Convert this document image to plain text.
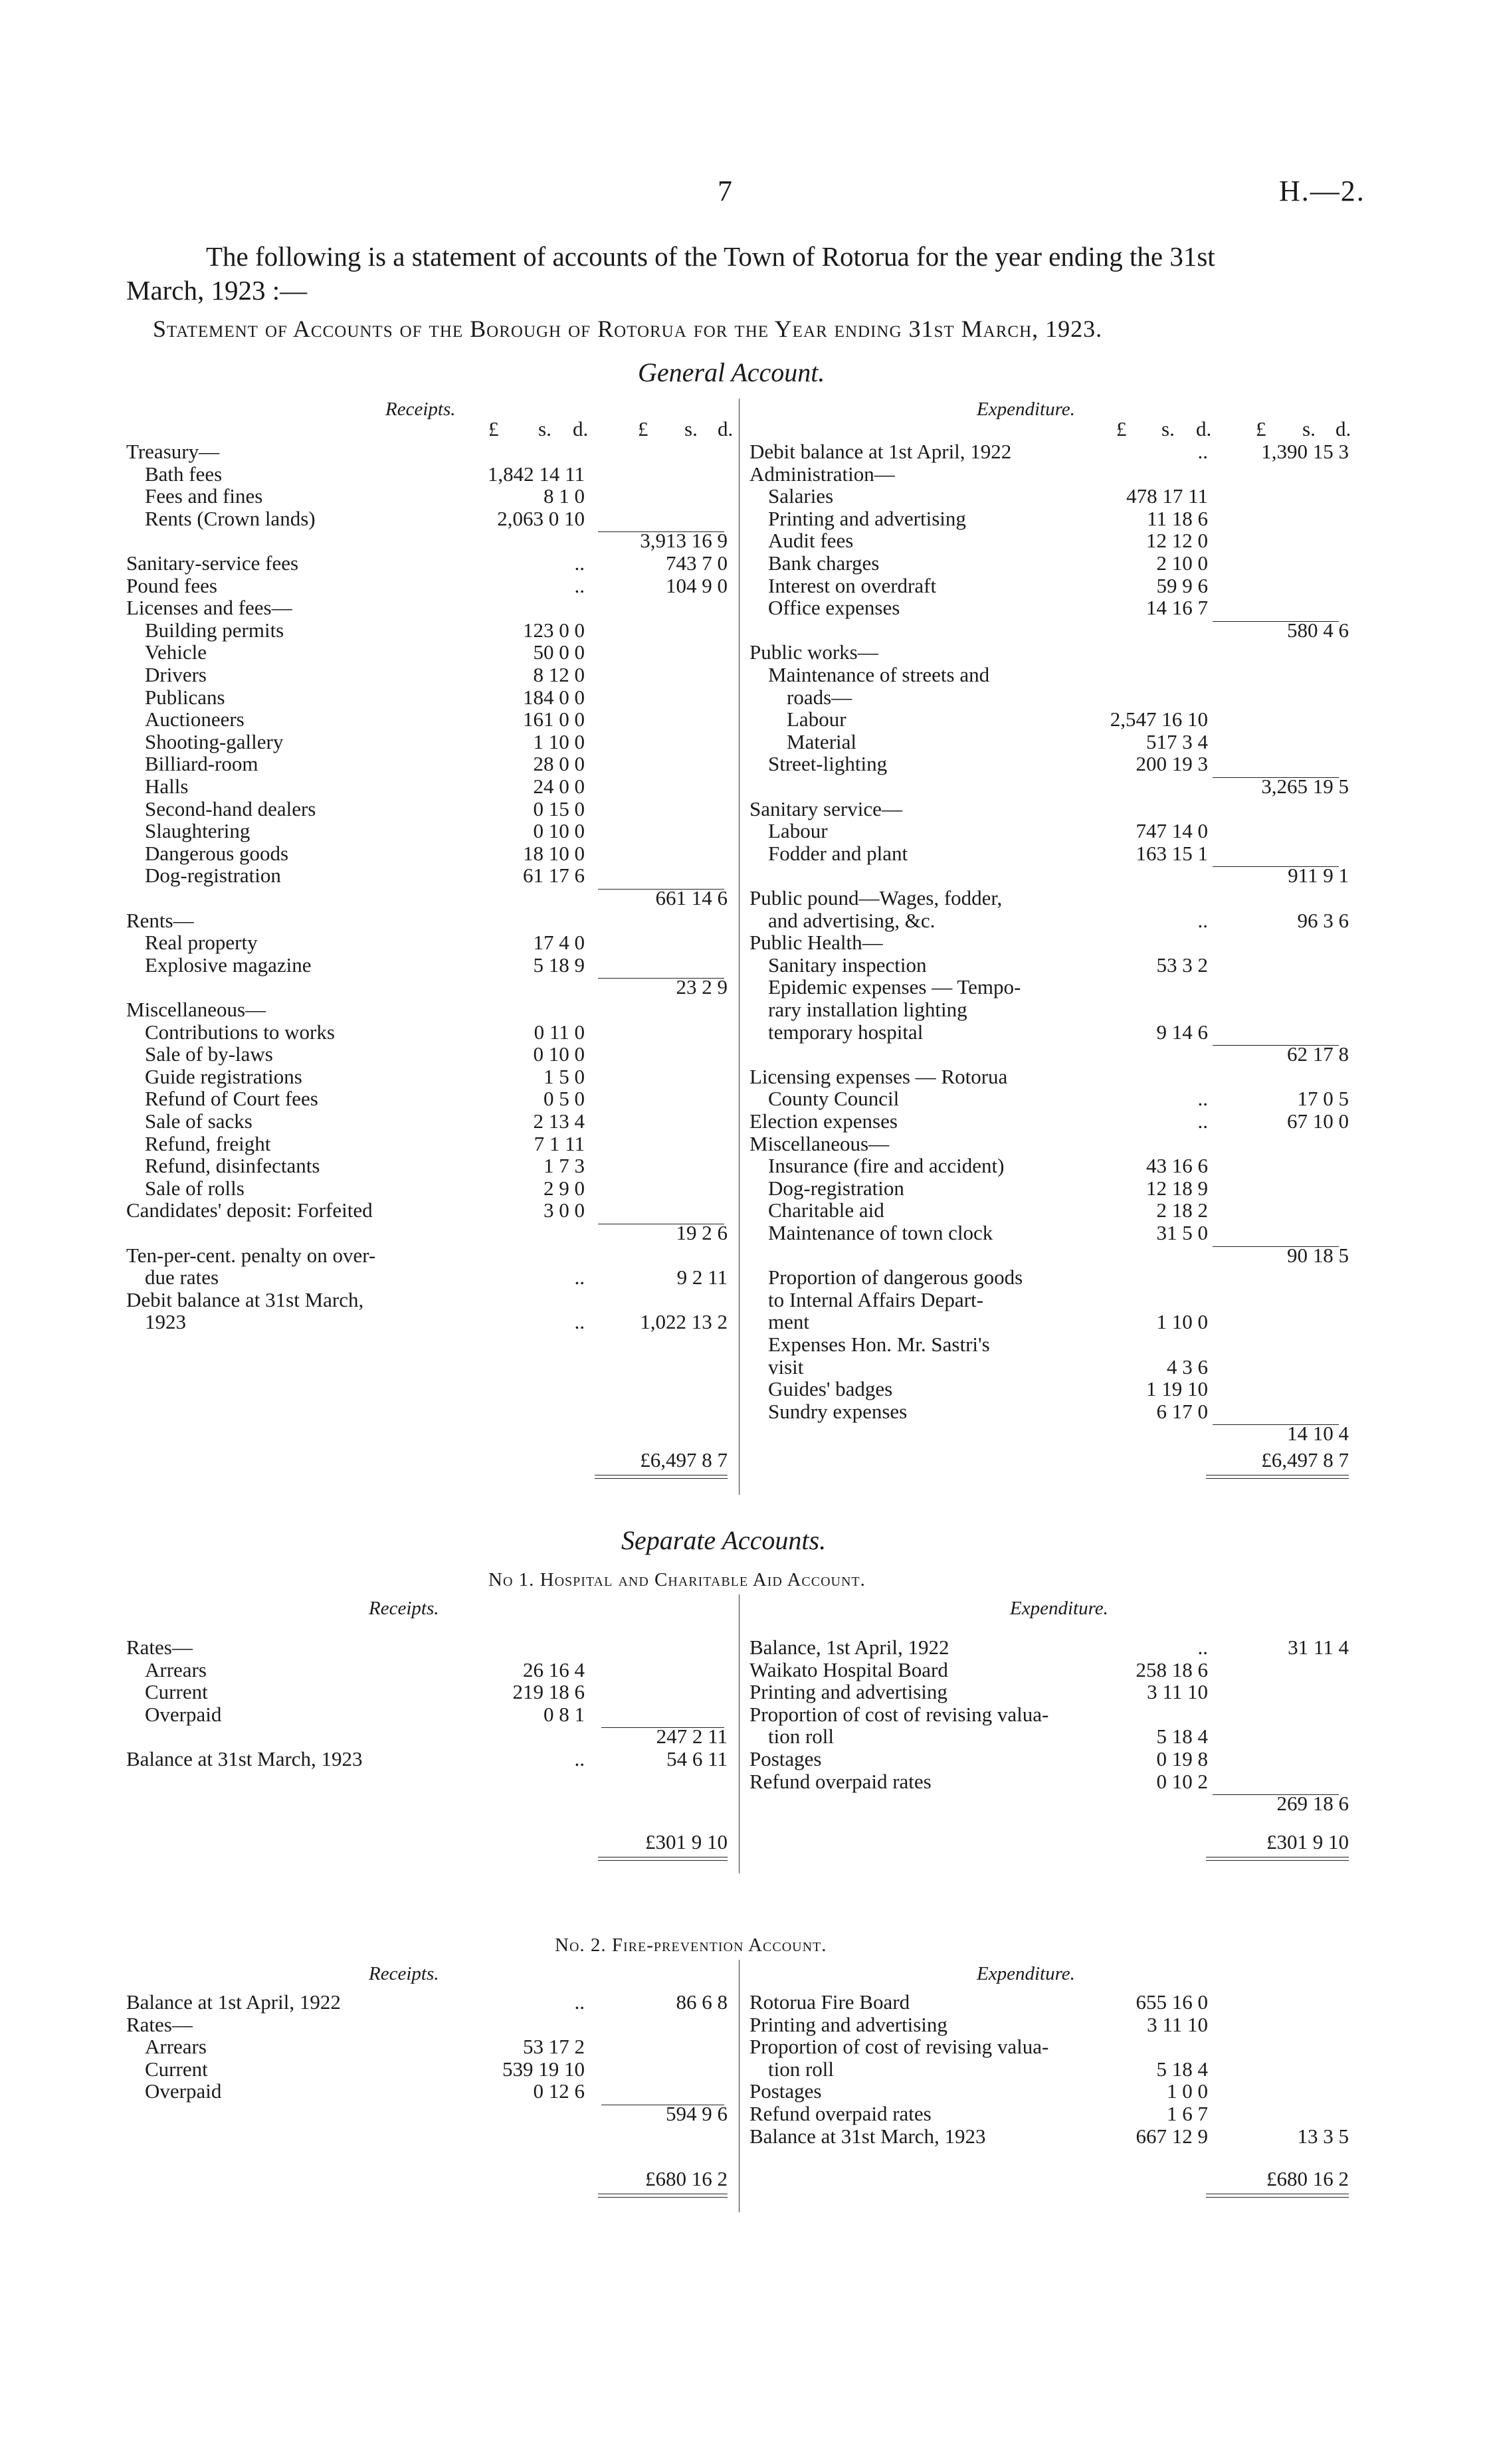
7	H.—2.
The following is a statement of accounts of the Town of Rotorua for the year ending the 31st
March, 1923 :—
Statement of Accounts of the Borough of Rotorua for the Year ending 31st March, 1923.
General Account.
Receipts.	Expenditure.
£ s. d. £ s. d.	£ s. d. £ s. d.
Treasury—
Bath fees	1,842 14 11
Fees and fines	8 1 0
Rents (Crown lands)	2,063 0 10
3,913 16 9
Sanitary-service fees	..	743 7 0
Pound fees	..	104 9 0
Licenses and fees—
Building permits	123 0 0
Vehicle	50 0 0
Drivers	8 12 0
Publicans	184 0 0
Auctioneers	161 0 0
Shooting-gallery	1 10 0
Billiard-room	28 0 0
Halls	24 0 0
Second-hand dealers	0 15 0
Slaughtering	0 10 0
Dangerous goods	18 10 0
Dog-registration	61 17 6
661 14 6
Rents—
Real property	17 4 0
Explosive magazine	5 18 9
23 2 9
Miscellaneous—
Contributions to works	0 11 0
Sale of by-laws	0 10 0
Guide registrations	1 5 0
Refund of Court fees	0 5 0
Sale of sacks	2 13 4
Refund, freight	7 1 11
Refund, disinfectants	1 7 3
Sale of rolls	2 9 0
Candidates' deposit: Forfeited	3 0 0
19 2 6
Ten-per-cent. penalty on over-
due rates	..	9 2 11
Debit balance at 31st March,
1923	..	1,022 13 2
Debit balance at 1st April, 1922	..	1,390 15 3
Administration—
Salaries	478 17 11
Printing and advertising	11 18 6
Audit fees	12 12 0
Bank charges	2 10 0
Interest on overdraft	59 9 6
Office expenses	14 16 7
580 4 6
Public works—
Maintenance of streets and
roads—
Labour	2,547 16 10
Material	517 3 4
Street-lighting	200 19 3
3,265 19 5
Sanitary service—
Labour	747 14 0
Fodder and plant	163 15 1
911 9 1
Public pound—Wages, fodder,
and advertising, &c.	..	96 3 6
Public Health—
Sanitary inspection	53 3 2
Epidemic expenses — Tempo-
rary installation lighting
temporary hospital	9 14 6
62 17 8
Licensing expenses — Rotorua
County Council	..	17 0 5
Election expenses	..	67 10 0
Miscellaneous—
Insurance (fire and accident)	43 16 6
Dog-registration	12 18 9
Charitable aid	2 18 2
Maintenance of town clock	31 5 0
90 18 5
Proportion of dangerous goods
to Internal Affairs Depart-
ment	1 10 0
Expenses Hon. Mr. Sastri's
visit	4 3 6
Guides' badges	1 19 10
Sundry expenses	6 17 0
14 10 4
£6,497 8 7	£6,497 8 7
Separate Accounts.
No 1. Hospital and Charitable Aid Account.
Receipts.	Expenditure.
Rates—
Arrears	26 16 4
Current	219 18 6
Overpaid	0 8 1
247 2 11
Balance at 31st March, 1923	..	54 6 11
Balance, 1st April, 1922	..	31 11 4
Waikato Hospital Board	258 18 6
Printing and advertising	3 11 10
Proportion of cost of revising valua-
tion roll	5 18 4
Postages	0 19 8
Refund overpaid rates	0 10 2
269 18 6
£301 9 10	£301 9 10
No. 2. Fire-prevention Account.
Receipts.	Expenditure.
Balance at 1st April, 1922	..	86 6 8
Rates—
Arrears	53 17 2
Current	539 19 10
Overpaid	0 12 6
594 9 6
Rotorua Fire Board	655 16 0
Printing and advertising	3 11 10
Proportion of cost of revising valua-
tion roll	5 18 4
Postages	1 0 0
Refund overpaid rates	1 6 7
Balance at 31st March, 1923	667 12 9	13 3 5
£680 16 2	£680 16 2
